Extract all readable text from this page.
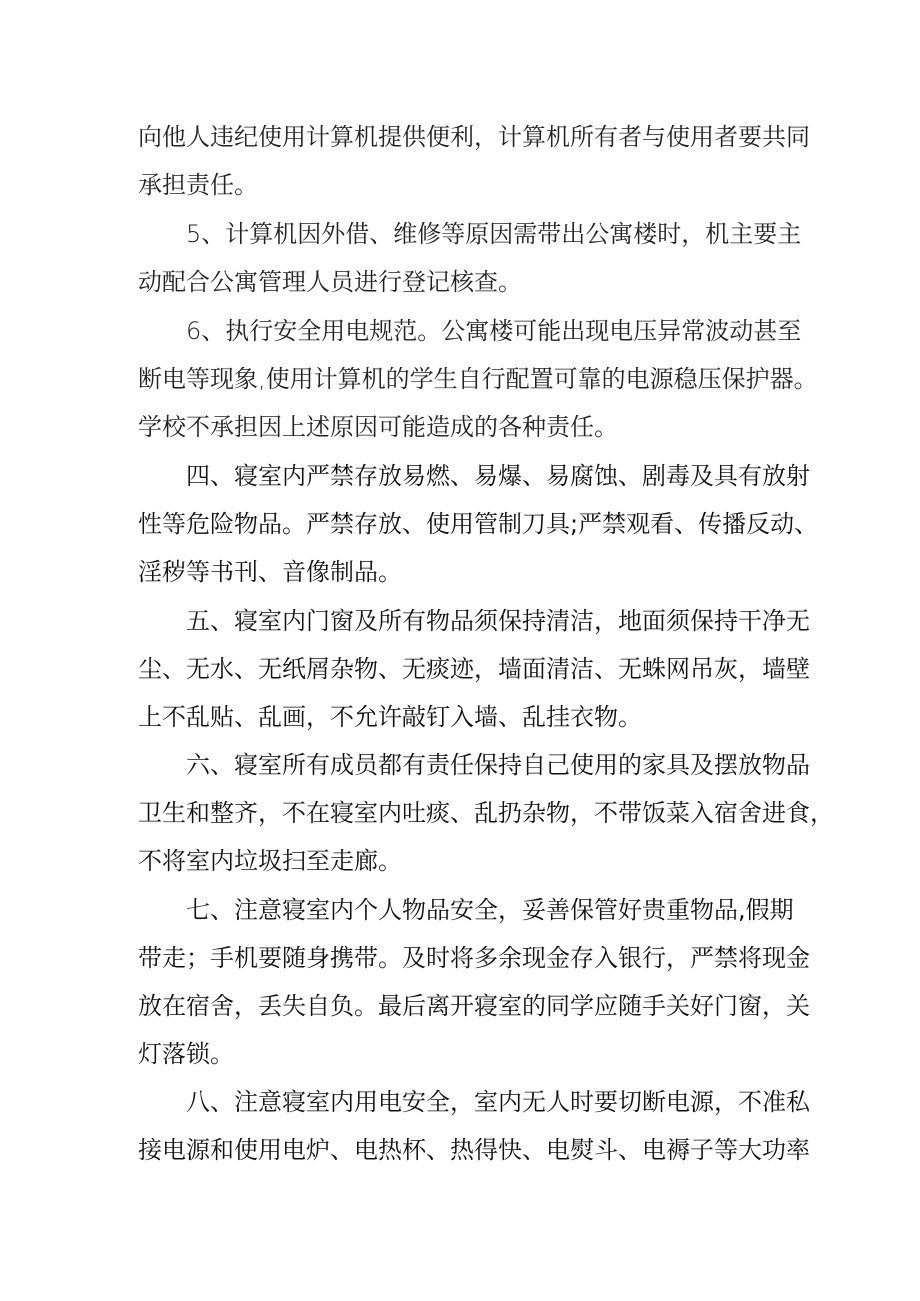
向他人违纪使用计算机提供便利，计算机所有者与使用者要共同
承担责任。
5、计算机因外借、维修等原因需带出公寓楼时，机主要主
动配合公寓管理人员进行登记核查。
6、执行安全用电规范。公寓楼可能出现电压异常波动甚至
断电等现象,使用计算机的学生自行配置可靠的电源稳压保护器。
学校不承担因上述原因可能造成的各种责任。
四、寝室内严禁存放易燃、易爆、易腐蚀、剧毒及具有放射
性等危险物品。严禁存放、使用管制刀具;严禁观看、传播反动、
淫秽等书刊、音像制品。
五、寝室内门窗及所有物品须保持清洁，地面须保持干净无
尘、无水、无纸屑杂物、无痰迹，墙面清洁、无蛛网吊灰，墙壁
上不乱贴、乱画，不允许敲钉入墙、乱挂衣物。
六、寝室所有成员都有责任保持自己使用的家具及摆放物品
卫生和整齐，不在寝室内吐痰、乱扔杂物，不带饭菜入宿舍进食，
不将室内垃圾扫至走廊。
七、注意寝室内个人物品安全，妥善保管好贵重物品,假期
带走；手机要随身携带。及时将多余现金存入银行，严禁将现金
放在宿舍，丢失自负。最后离开寝室的同学应随手关好门窗，关
灯落锁。
八、注意寝室内用电安全，室内无人时要切断电源，不准私
接电源和使用电炉、电热杯、热得快、电熨斗、电褥子等大功率
